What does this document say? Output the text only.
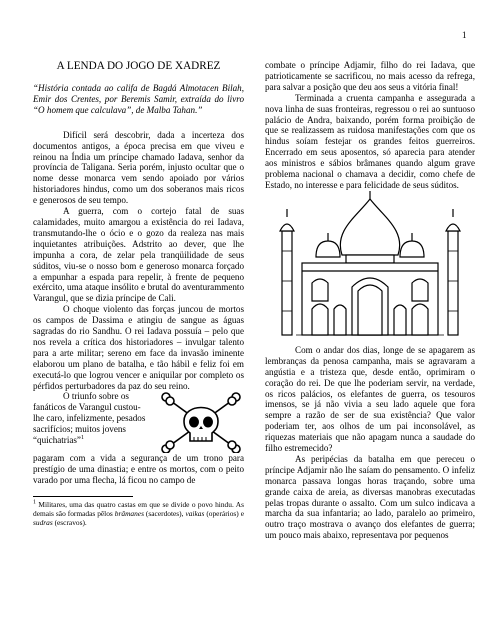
1
A LENDA DO JOGO DE XADREZ
“História contada ao califa de Bagdá Almotacen Bilah, Emir dos Crentes, por Beremis Samir, extraída do livro “O homem que calculava”, de Malba Tahan.”

Difícil será descobrir, dada a incerteza dos documentos antigos, a época precisa em que viveu e reinou na Índia um príncipe chamado Iadava, senhor da província de Taligana. Seria porém, injusto ocultar que o nome desse monarca vem sendo apoiado por vários historiadores hindus, como um dos soberanos mais ricos e generosos de seu tempo.

A guerra, com o cortejo fatal de suas calamidades, muito amargou a existência do rei Iadava, transmutando-lhe o ócio e o gozo da realeza nas mais inquietantes atribuições. Adstrito ao dever, que lhe impunha a cora, de zelar pela tranqüilidade de seus súditos, viu-se o nosso bom e generoso monarca forçado a empunhar a espada para repelir, à frente de pequeno exército, uma ataque insólito e brutal do aventurammento Varangul, que se dizia príncipe de Cali.

O choque violento das forças juncou de mortos os campos de Dassima e atingiu de sangue as águas sagradas do rio Sandhu. O rei Iadava possuía – pelo que nos revela a crítica dos historiadores – invulgar talento para a arte militar; sereno em face da invasão iminente elaborou um plano de batalha, e tão hábil e feliz foi em executá-lo que logrou vencer e aniquilar por completo os pérfidos perturbadores da paz do seu reino.

O triunfo sobre os

fanáticos de Varangul custou-

lhe caro, infelizmente, pesados

sacrifícios; muitos jovens

“quichatrias”$^1$

pagaram com a vida a segurança de um trono para prestígio de uma dinastia; e entre os mortos, com o peito varado por uma flecha, lá ficou no campo de

$^1$ Militares, uma das quatro castas em que se divide o povo hindu. As demais são formadas pêlos brâmanes (sacerdotes), vaikas (operários) e sudras (escravos).

combate o príncipe Adjamir, filho do rei Iadava, que patrioticamente se sacrificou, no mais acesso da refrega, para salvar a posição que deu aos seus a vitória final!

Terminada a cruenta campanha e assegurada a nova linha de suas fronteiras, regressou o rei ao suntuoso palácio de Andra, baixando, porém forma proibição de que se realizassem as ruidosa manifestações com que os hindus soíam festejar os grandes feitos guerreiros. Encerrado em seus aposentos, só aparecia para atender aos ministros e sábios brâmanes quando algum grave problema nacional o chamava a decidir, como chefe de Estado, no interesse e para felicidade de seus súditos.

Com o andar dos dias, longe de se apagarem as lembranças da penosa campanha, mais se agravaram a angústia e a tristeza que, desde então, oprimiram o coração do rei. De que lhe poderiam servir, na verdade, os ricos palácios, os elefantes de guerra, os tesouros imensos, se já não vivia a seu lado aquele que fora sempre a razão de ser de sua existência? Que valor poderiam ter, aos olhos de um pai inconsolável, as riquezas materiais que não apagam nunca a saudade do filho estremecido?

As peripécias da batalha em que pereceu o príncipe Adjamir não lhe saíam do pensamento. O infeliz monarca passava longas horas traçando, sobre uma grande caixa de areia, as diversas manobras executadas pelas tropas durante o assalto. Com um sulco indicava a marcha da sua infantaria; ao lado, paralelo ao primeiro, outro traço mostrava o avanço dos elefantes de guerra; um pouco mais abaixo, representava por pequenos
